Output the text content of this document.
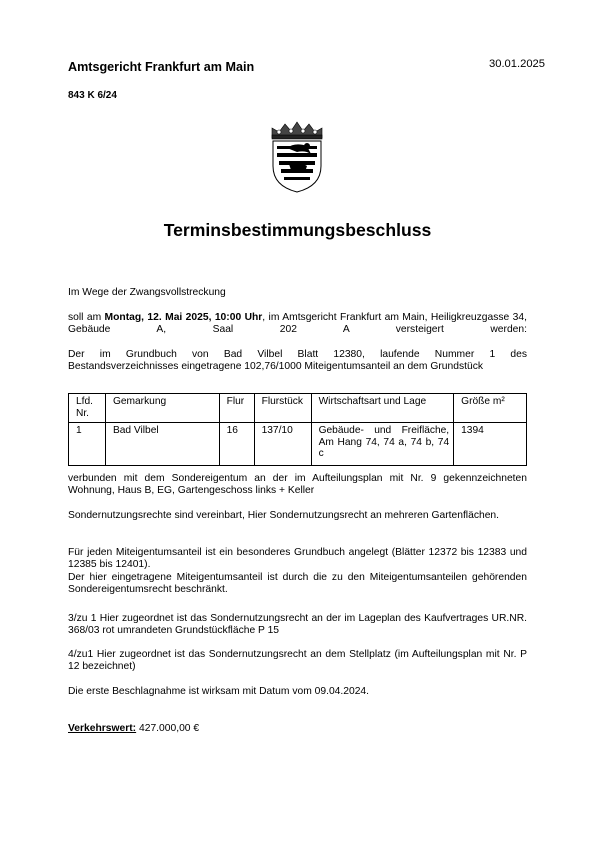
Amtsgericht Frankfurt am Main	30.01.2025
843 K 6/24
Terminsbestimmungsbeschluss

Im Wege der Zwangsvollstreckung

soll am Montag, 12. Mai 2025, 10:00 Uhr, im Amtsgericht Frankfurt am Main, Heiligkreuzgasse 34, Gebäude A, Saal 202 A versteigert werden:

Der im Grundbuch von Bad Vilbel Blatt 12380, laufende Nummer 1 des

Bestandsverzeichnisses eingetragene 102,76/1000 Miteigentumsanteil an dem Grundstück

Lfd. Nr.	Gemarkung	Flur	Flurstück	Wirtschaftsart und Lage	Größe m²
1	Bad Vilbel	16	137/10	Gebäude- und Freifläche, Am Hang 74, 74 a, 74 b, 74 c	1394

verbunden mit dem Sondereigentum an der im Aufteilungsplan mit Nr. 9 gekennzeichneten Wohnung, Haus B, EG, Gartengeschoss links + Keller

Sondernutzungsrechte sind vereinbart, Hier Sondernutzungsrecht an mehreren Gartenflächen.

Für jeden Miteigentumsanteil ist ein besonderes Grundbuch angelegt (Blätter 12372 bis 12383 und 12385 bis 12401).

Der hier eingetragene Miteigentumsanteil ist durch die zu den Miteigentumsanteilen gehörenden Sondereigentumsrecht beschränkt.

3/zu 1 Hier zugeordnet ist das Sondernutzungsrecht an der im Lageplan des Kaufvertrages UR.NR. 368/03 rot umrandeten Grundstückfläche P 15

4/zu1 Hier zugeordnet ist das Sondernutzungsrecht an dem Stellplatz (im Aufteilungsplan mit Nr. P 12 bezeichnet)

Die erste Beschlagnahme ist wirksam mit Datum vom 09.04.2024.

Verkehrswert: 427.000,00 €
